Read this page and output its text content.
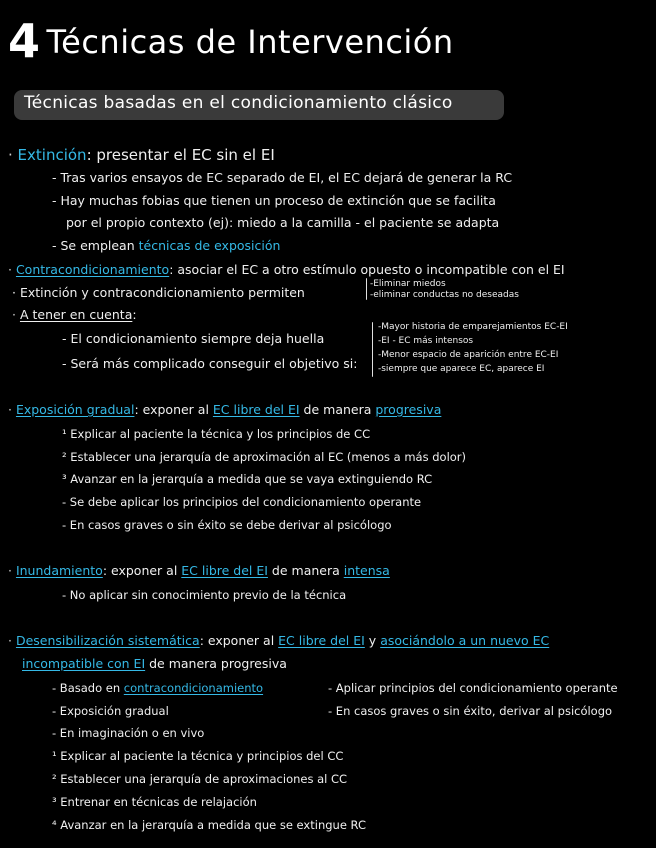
4 Técnicas de Intervención
Técnicas basadas en el condicionamiento clásico
· Extinción: presentar el EC sin el EI
- Tras varios ensayos de EC separado de EI, el EC dejará de generar la RC
- Hay muchas fobias que tienen un proceso de extinción que se facilita
por el propio contexto (ej): miedo a la camilla - el paciente se adapta
- Se emplean técnicas de exposición
· Contracondicionamiento: asociar el EC a otro estímulo opuesto o incompatible con el EI
· Extinción y contracondicionamiento permiten
-Eliminar miedos
-eliminar conductas no deseadas
· A tener en cuenta:
- El condicionamiento siempre deja huella
- Será más complicado conseguir el objetivo si:
-Mayor historia de emparejamientos EC-EI
-EI - EC más intensos
-Menor espacio de aparición entre EC-EI
-siempre que aparece EC, aparece EI
· Exposición gradual: exponer al EC libre del EI de manera progresiva
¹ Explicar al paciente la técnica y los principios de CC
² Establecer una jerarquía de aproximación al EC (menos a más dolor)
³ Avanzar en la jerarquía a medida que se vaya extinguiendo RC
- Se debe aplicar los principios del condicionamiento operante
- En casos graves o sin éxito se debe derivar al psicólogo
· Inundamiento: exponer al EC libre del EI de manera intensa
- No aplicar sin conocimiento previo de la técnica
· Desensibilización sistemática: exponer al EC libre del EI y asociándolo a un nuevo EC
incompatible con EI de manera progresiva
- Basado en contracondicionamiento
- Exposición gradual
- En imaginación o en vivo
- Aplicar principios del condicionamiento operante
- En casos graves o sin éxito, derivar al psicólogo
¹ Explicar al paciente la técnica y principios del CC
² Establecer una jerarquía de aproximaciones al CC
³ Entrenar en técnicas de relajación
⁴ Avanzar en la jerarquía a medida que se extingue RC
